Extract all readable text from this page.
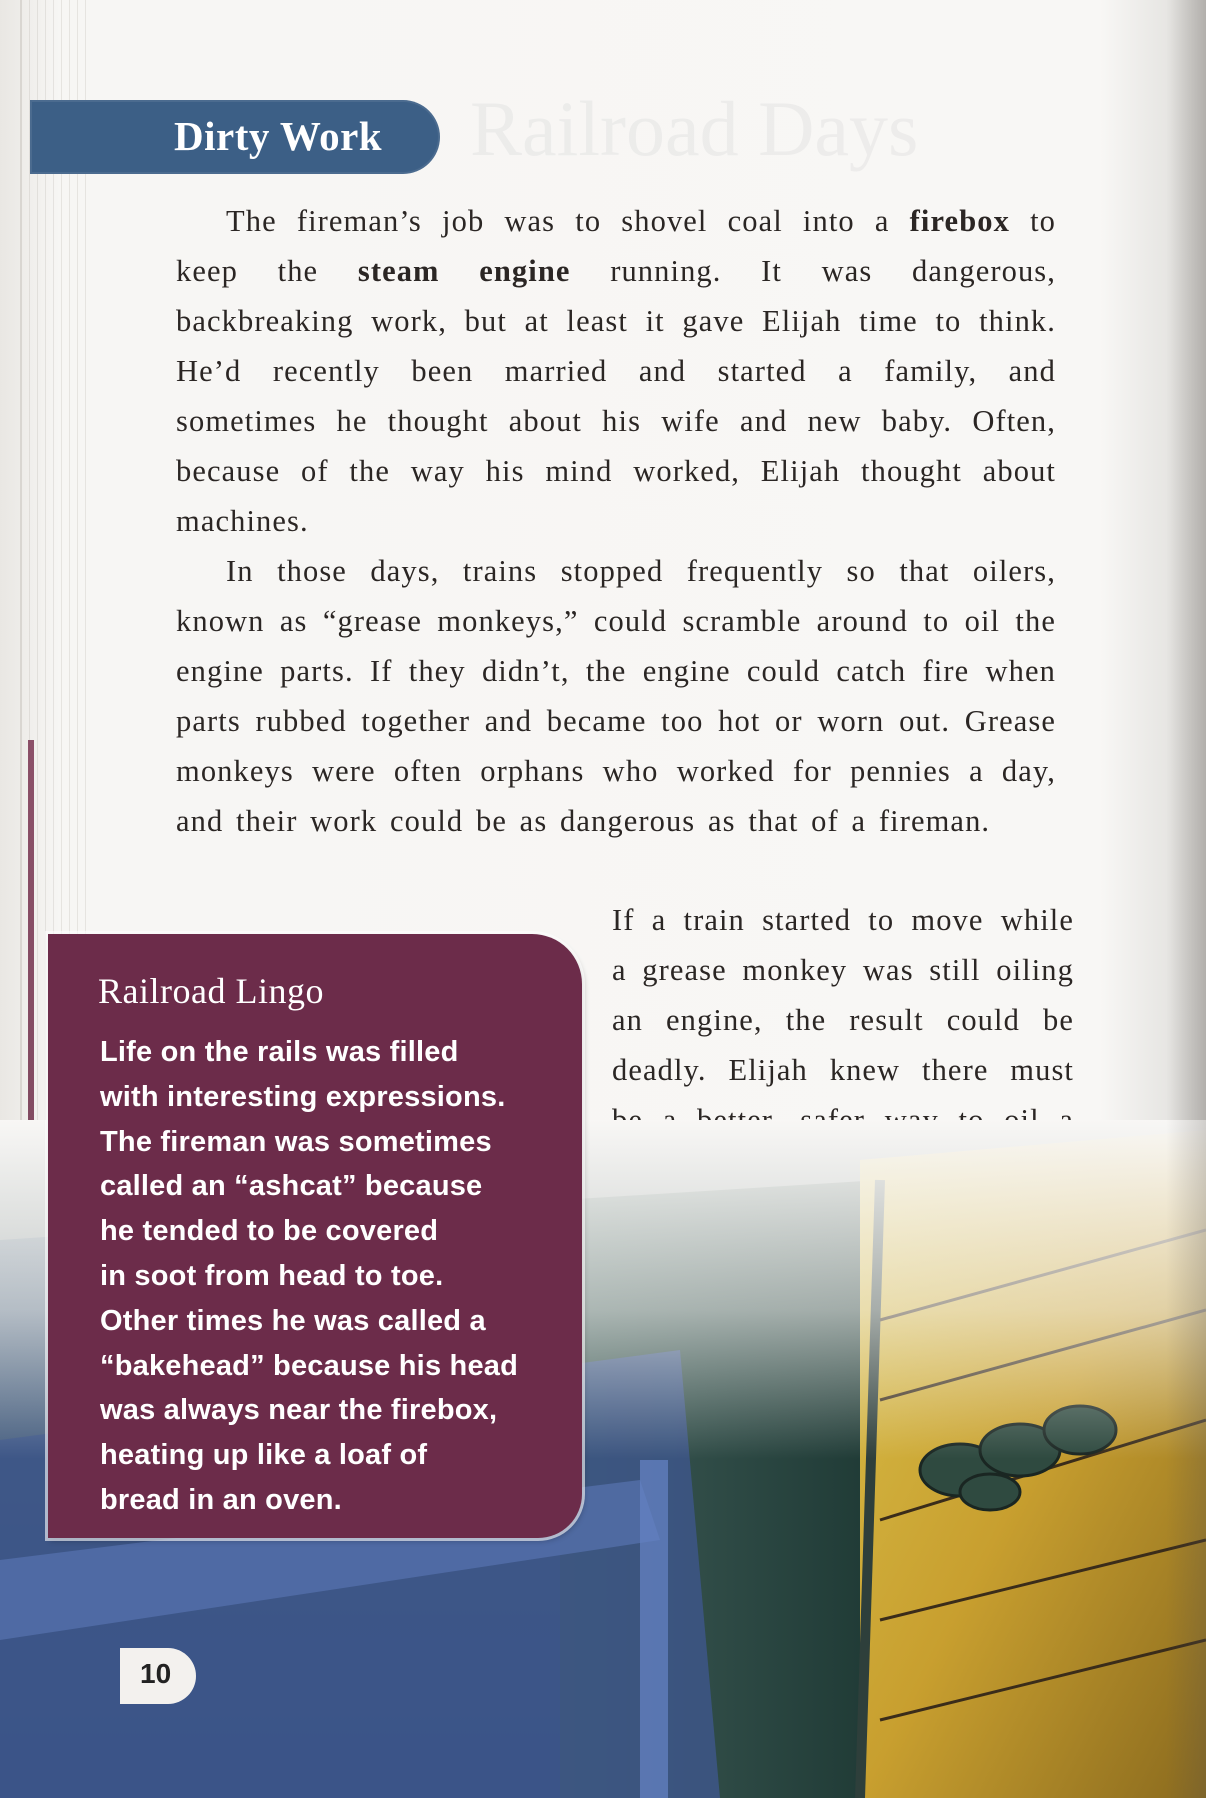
Railroad Days
Dirty Work

The fireman’s job was to shovel coal into a firebox to keep the steam engine running. It was dangerous, backbreaking work, but at least it gave Elijah time to think. He’d recently been married and started a family, and sometimes he thought about his wife and new baby. Often, because of the way his mind worked, Elijah thought about machines.

In those days, trains stopped frequently so that oilers, known as “grease monkeys,” could scramble around to oil the engine parts. If they didn’t, the engine could catch fire when parts rubbed together and became too hot or worn out. Grease monkeys were often orphans who worked for pennies a day, and their work could be as dangerous as that of a fireman.

If a train started to move while a grease monkey was still oiling an engine, the result could be deadly. Elijah knew there must
Railroad Lingo
Life on the rails was filled
with interesting expressions.
The fireman was sometimes
called an “ashcat” because
he tended to be covered
in soot from head to toe.
Other times he was called a
“bakehead” because his head
was always near the firebox,
heating up like a loaf of
bread in an oven.
10
